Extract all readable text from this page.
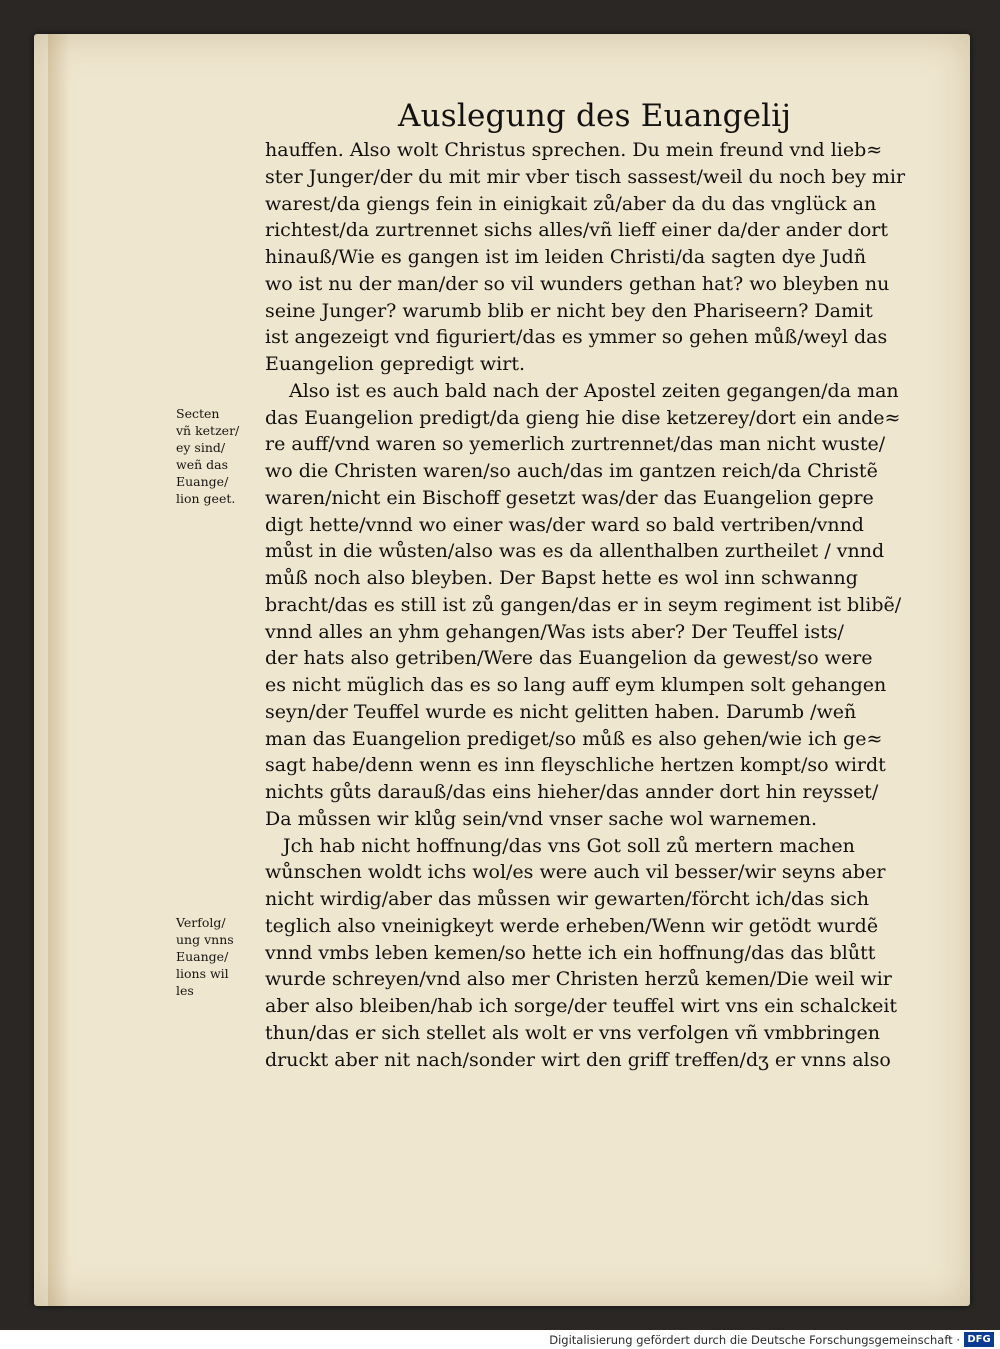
Auslegung des Euangelij
hauffen. Also wolt Christus sprechen. Du mein freund vnd lieb≈
ster Junger/der du mit mir vber tisch sassest/weil du noch bey mir
warest/da giengs fein in einigkait zů/aber da du das vnglück an
richtest/da zurtrennet sichs alles/vñ lieff einer da/der ander dort
hinauß/Wie es gangen ist im leiden Christi/da sagten dye Judñ
wo ist nu der man/der so vil wunders gethan hat? wo bleyben nu
seine Junger? warumb blib er nicht bey den Phariseern? Damit
ist angezeigt vnd figuriert/das es ymmer so gehen můß/weyl das
Euangelion gepredigt wirt.
Also ist es auch bald nach der Apostel zeiten gegangen/da man
das Euangelion predigt/da gieng hie dise ketzerey/dort ein ande≈
re auff/vnd waren so yemerlich zurtrennet/das man nicht wuste/
wo die Christen waren/so auch/das im gantzen reich/da Christẽ
waren/nicht ein Bischoff gesetzt was/der das Euangelion gepre
digt hette/vnnd wo einer was/der ward so bald vertriben/vnnd
můst in die wůsten/also was es da allenthalben zurtheilet / vnnd
můß noch also bleyben. Der Bapst hette es wol inn schwanng
bracht/das es still ist zů gangen/das er in seym regiment ist blibẽ/
vnnd alles an yhm gehangen/Was ists aber? Der Teuffel ists/
der hats also getriben/Were das Euangelion da gewest/so were
es nicht müglich das es so lang auff eym klumpen solt gehangen
seyn/der Teuffel wurde es nicht gelitten haben. Darumb /weñ
man das Euangelion prediget/so můß es also gehen/wie ich ge≈
sagt habe/denn wenn es inn fleyschliche hertzen kompt/so wirdt
nichts gůts darauß/das eins hieher/das annder dort hin reysset/
Da můssen wir klůg sein/vnd vnser sache wol warnemen.
Jch hab nicht hoffnung/das vns Got soll zů mertern machen
wůnschen woldt ichs wol/es were auch vil besser/wir seyns aber
nicht wirdig/aber das můssen wir gewarten/förcht ich/das sich
teglich also vneinigkeyt werde erheben/Wenn wir getödt wurdẽ
vnnd vmbs leben kemen/so hette ich ein hoffnung/das das blůtt
wurde schreyen/vnd also mer Christen herzů kemen/Die weil wir
aber also bleiben/hab ich sorge/der teuffel wirt vns ein schalckeit
thun/das er sich stellet als wolt er vns verfolgen vñ vmbbringen
druckt aber nit nach/sonder wirt den griff treffen/dʒ er vnns also
Secten
vñ ketzer/
ey sind/
weñ das
Euange/
lion geet.
Verfolg/
ung vnns
Euange/
lions wil
les
Digitalisierung gefördert durch die Deutsche Forschungsgemeinschaft · DFG
